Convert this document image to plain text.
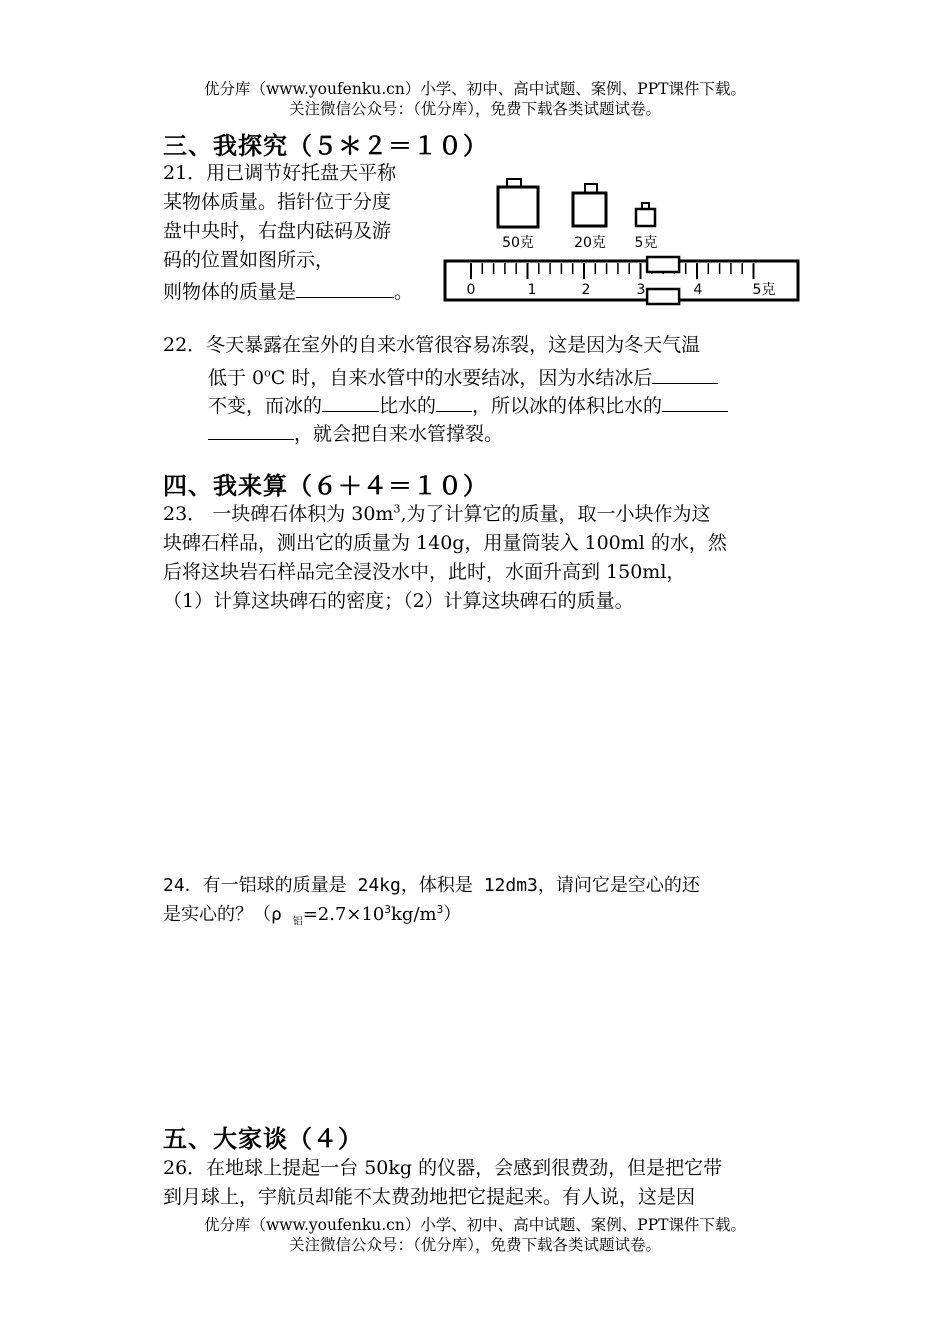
优分库（www.youfenku.cn）小学、初中、高中试题、案例、PPT课件下载。
关注微信公众号：（优分库），免费下载各类试题试卷。
三、我探究（５＊２＝１０）
21．用已调节好托盘天平称
某物体质量。指针位于分度
盘中央时，右盘内砝码及游
码的位置如图所示，
则物体的质量是	。
50克	20克 5克
0	1	2	3	4	5克
22．冬天暴露在室外的自来水管很容易冻裂，这是因为冬天气温
低于 0$^o$C 时，自来水管中的水要结冰，因为水结冰后
不变，而冰的	比水的 ，所以冰的体积比水的
，就会把自来水管撑裂。
四、我来算（６＋４＝１０）
23． 一块碑石体积为 $30m^3$,为了计算它的质量，取一小块作为这
块碑石样品，测出它的质量为 140g，用量筒装入 100ml 的水，然
后将这块岩石样品完全浸没水中，此时，水面升高到 150ml，
（1）计算这块碑石的密度；（2）计算这块碑石的质量。
24．有一铝球的质量是 24kg，体积是 12dm3，请问它是空心的还
是实心的？（ρ $_铝=2.7\times 10^3kg/m^3$）
五、大家谈（４）
26．在地球上提起一台 50kg 的仪器，会感到很费劲，但是把它带
到月球上，宇航员却能不太费劲地把它提起来。有人说，这是因
优分库（www.youfenku.cn）小学、初中、高中试题、案例、PPT课件下载。
关注微信公众号：（优分库），免费下载各类试题试卷。
